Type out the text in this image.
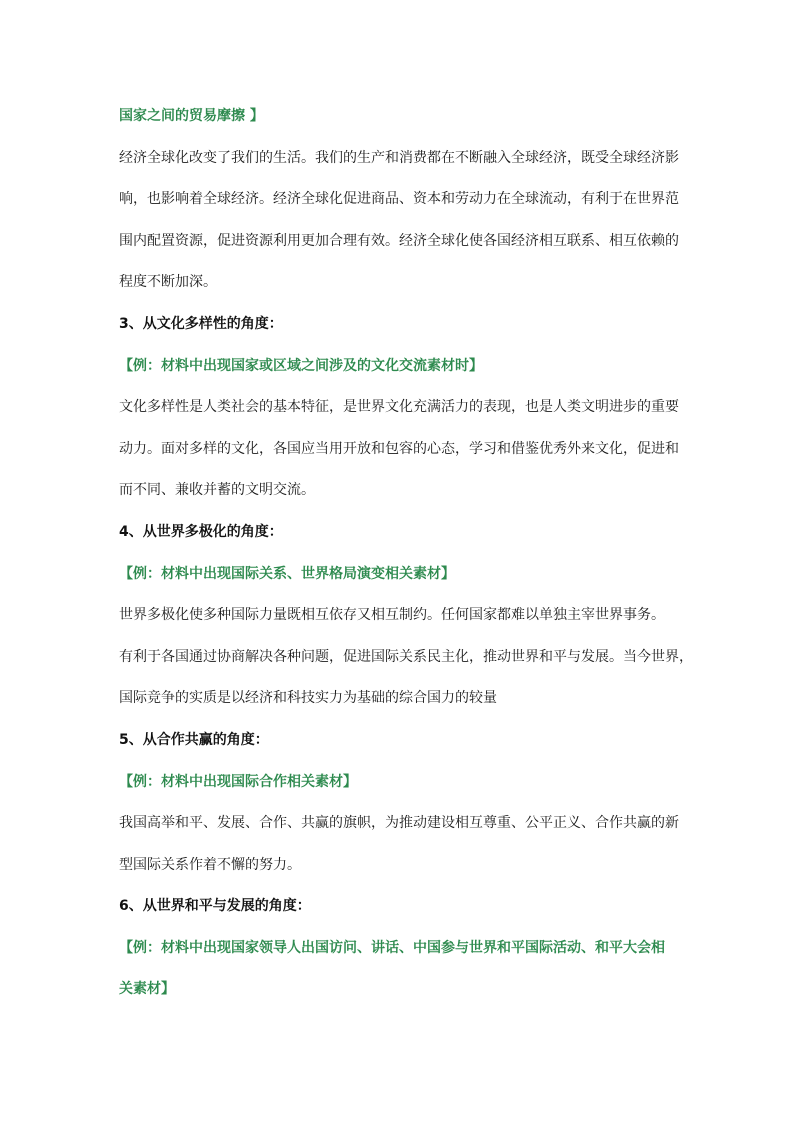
国家之间的贸易摩擦 】
经济全球化改变了我们的生活。我们的生产和消费都在不断融入全球经济，既受全球经济影
响，也影响着全球经济。经济全球化促进商品、资本和劳动力在全球流动，有利于在世界范
围内配置资源，促进资源利用更加合理有效。经济全球化使各国经济相互联系、相互依赖的
程度不断加深。
3、从文化多样性的角度：
【例：材料中出现国家或区域之间涉及的文化交流素材时】
文化多样性是人类社会的基本特征，是世界文化充满活力的表现，也是人类文明进步的重要
动力。面对多样的文化，各国应当用开放和包容的心态，学习和借鉴优秀外来文化，促进和
而不同、兼收并蓄的文明交流。
4、从世界多极化的角度：
【例：材料中出现国际关系、世界格局演变相关素材】
世界多极化使多种国际力量既相互依存又相互制约。任何国家都难以单独主宰世界事务。
有利于各国通过协商解决各种问题，促进国际关系民主化，推动世界和平与发展。当今世界，
国际竞争的实质是以经济和科技实力为基础的综合国力的较量
5、从合作共赢的角度：
【例：材料中出现国际合作相关素材】
我国高举和平、发展、合作、共赢的旗帜，为推动建设相互尊重、公平正义、合作共赢的新
型国际关系作着不懈的努力。
6、从世界和平与发展的角度：
【例：材料中出现国家领导人出国访问、讲话、中国参与世界和平国际活动、和平大会相
关素材】
